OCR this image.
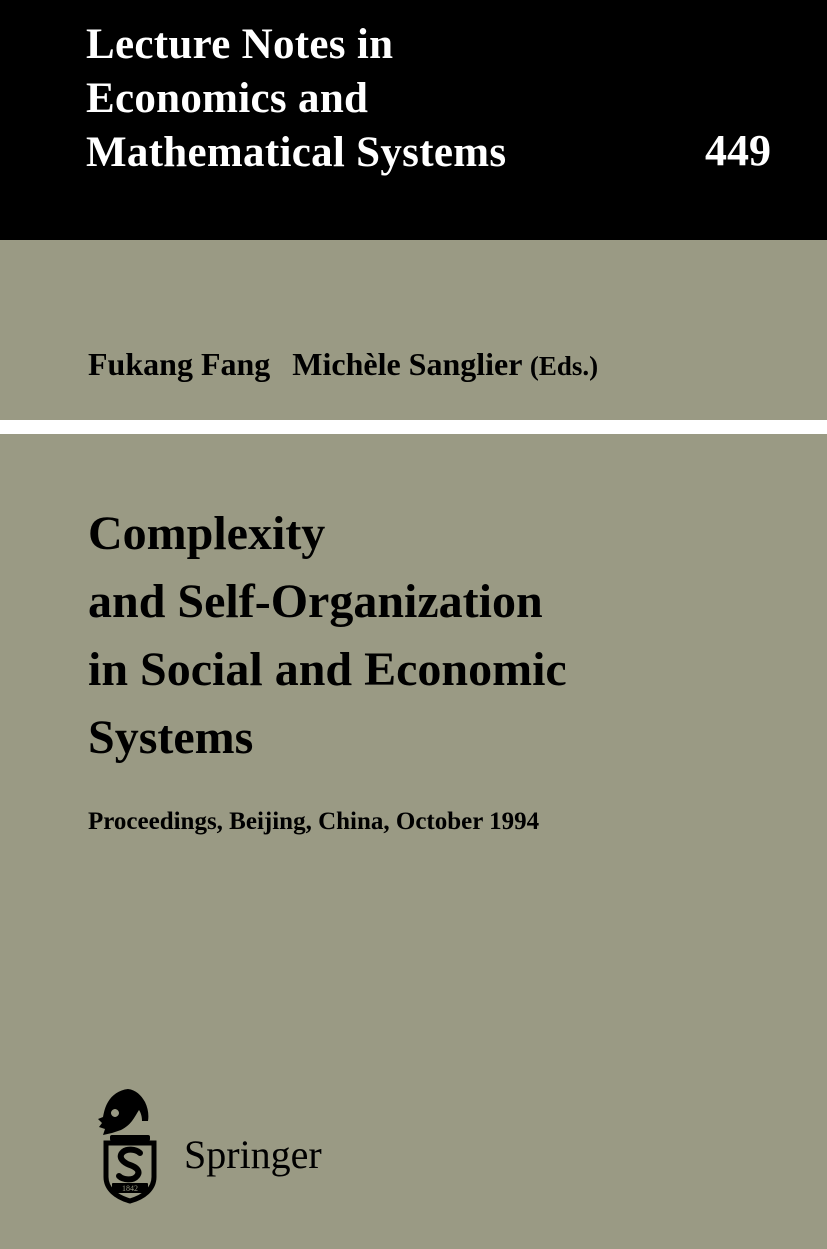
Lecture Notes in
Economics and
Mathematical Systems	449
Fukang Fang Michèle Sanglier (Eds.)
Complexity
and Self-Organization
in Social and Economic
Systems
Proceedings, Beijing, China, October 1994
1842
Springer
